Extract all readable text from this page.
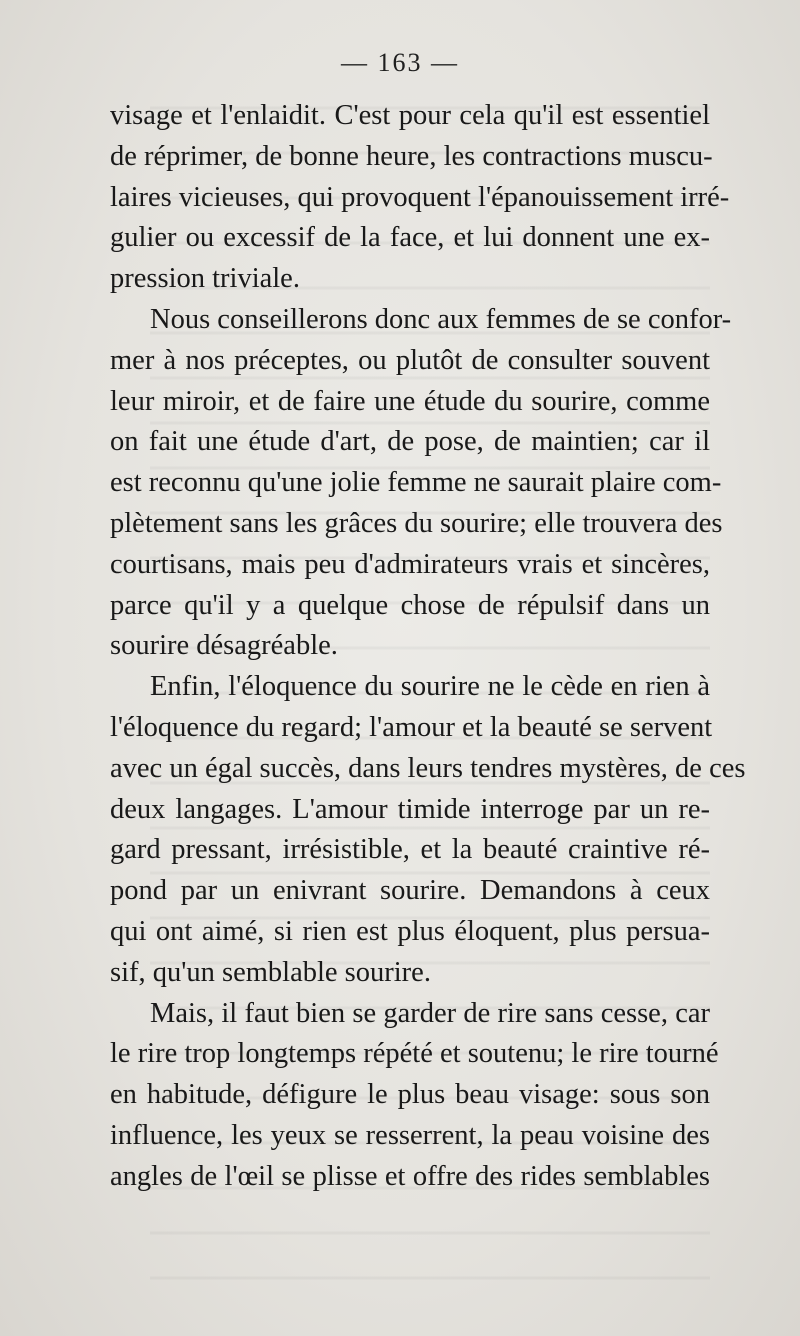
— 163 —
visage et l'enlaidit. C'est pour cela qu'il est essentiel
de réprimer, de bonne heure, les contractions muscu-
laires vicieuses, qui provoquent l'épanouissement irré-
gulier ou excessif de la face, et lui donnent une ex-
pression triviale.
Nous conseillerons donc aux femmes de se confor-
mer à nos préceptes, ou plutôt de consulter souvent
leur miroir, et de faire une étude du sourire, comme
on fait une étude d'art, de pose, de maintien; car il
est reconnu qu'une jolie femme ne saurait plaire com-
plètement sans les grâces du sourire; elle trouvera des
courtisans, mais peu d'admirateurs vrais et sincères,
parce qu'il y a quelque chose de répulsif dans un
sourire désagréable.
Enfin, l'éloquence du sourire ne le cède en rien à
l'éloquence du regard; l'amour et la beauté se servent
avec un égal succès, dans leurs tendres mystères, de ces
deux langages. L'amour timide interroge par un re-
gard pressant, irrésistible, et la beauté craintive ré-
pond par un enivrant sourire. Demandons à ceux
qui ont aimé, si rien est plus éloquent, plus persua-
sif, qu'un semblable sourire.
Mais, il faut bien se garder de rire sans cesse, car
le rire trop longtemps répété et soutenu; le rire tourné
en habitude, défigure le plus beau visage: sous son
influence, les yeux se resserrent, la peau voisine des
angles de l'œil se plisse et offre des rides semblables
